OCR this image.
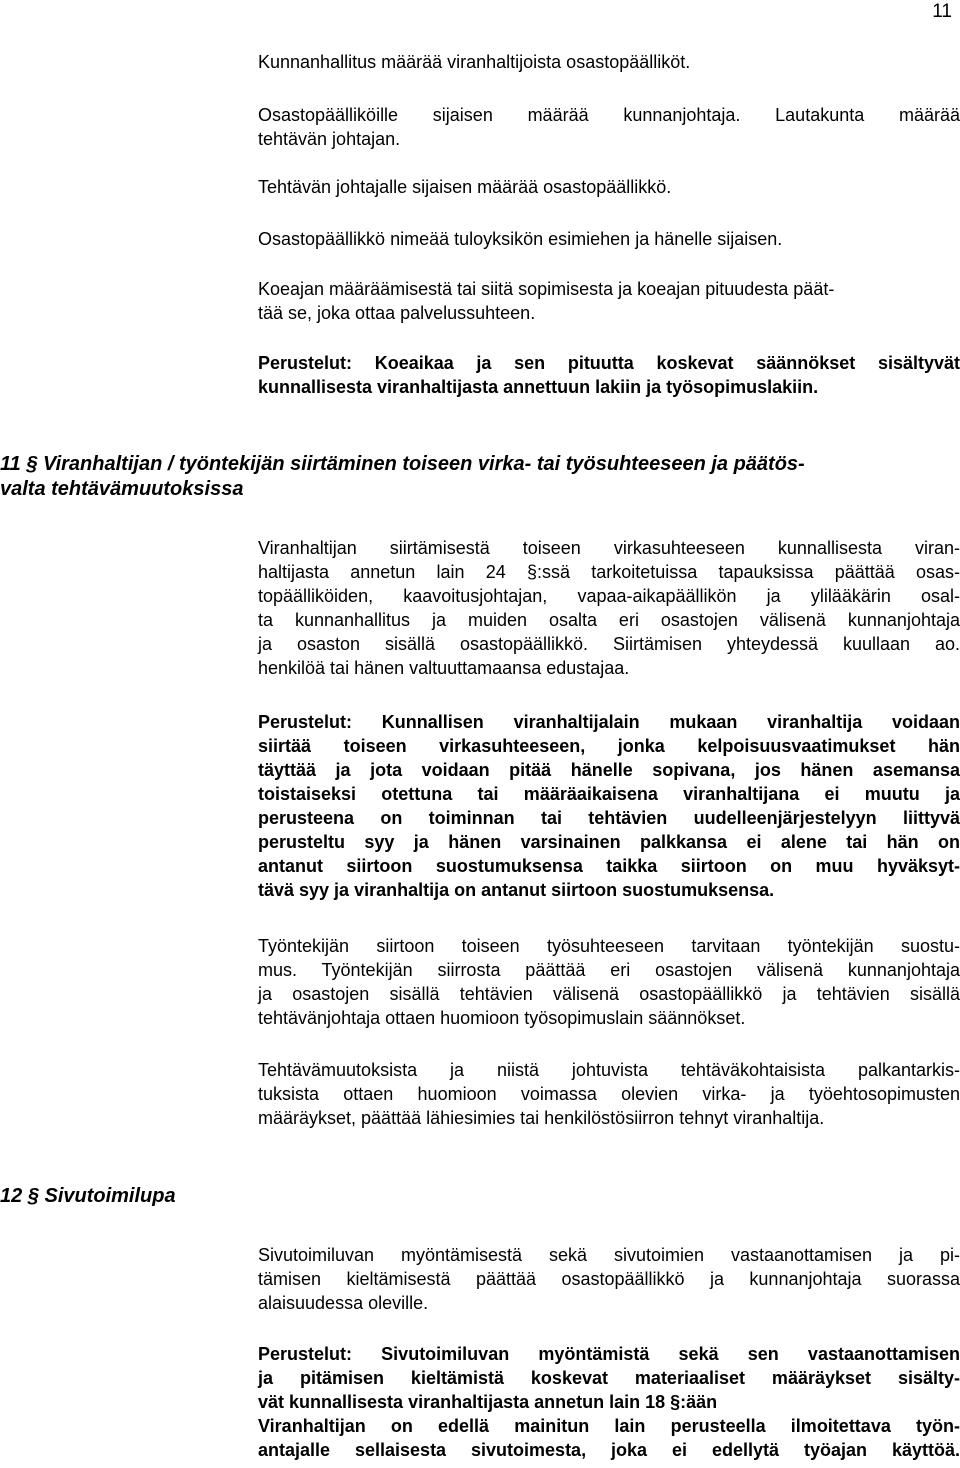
11
Kunnanhallitus määrää viranhaltijoista osastopäälliköt.
Osastopäälliköille sijaisen määrää kunnanjohtaja. Lautakunta määrää
tehtävän johtajan.
Tehtävän johtajalle sijaisen määrää osastopäällikkö.
Osastopäällikkö nimeää tuloyksikön esimiehen ja hänelle sijaisen.
Koeajan määräämisestä tai siitä sopimisesta ja koeajan pituudesta päät-
tää se, joka ottaa palvelussuhteen.
Perustelut: Koeaikaa ja sen pituutta koskevat säännökset sisältyvät
kunnallisesta viranhaltijasta annettuun lakiin ja työsopimuslakiin.
11 § Viranhaltijan / työntekijän siirtäminen toiseen virka- tai työsuhteeseen ja päätös-
valta tehtävämuutoksissa
Viranhaltijan siirtämisestä toiseen virkasuhteeseen kunnallisesta viran-
haltijasta annetun lain 24 §:ssä tarkoitetuissa tapauksissa päättää osas-
topäälliköiden, kaavoitusjohtajan, vapaa-aikapäällikön ja ylilääkärin osal-
ta kunnanhallitus ja muiden osalta eri osastojen välisenä kunnanjohtaja
ja osaston sisällä osastopäällikkö. Siirtämisen yhteydessä kuullaan ao.
henkilöä tai hänen valtuuttamaansa edustajaa.
Perustelut: Kunnallisen viranhaltijalain mukaan viranhaltija voidaan
siirtää toiseen virkasuhteeseen, jonka kelpoisuusvaatimukset hän
täyttää ja jota voidaan pitää hänelle sopivana, jos hänen asemansa
toistaiseksi otettuna tai määräaikaisena viranhaltijana ei muutu ja
perusteena on toiminnan tai tehtävien uudelleenjärjestelyyn liittyvä
perusteltu syy ja hänen varsinainen palkkansa ei alene tai hän on
antanut siirtoon suostumuksensa taikka siirtoon on muu hyväksyt-
tävä syy ja viranhaltija on antanut siirtoon suostumuksensa.
Työntekijän siirtoon toiseen työsuhteeseen tarvitaan työntekijän suostu-
mus. Työntekijän siirrosta päättää eri osastojen välisenä kunnanjohtaja
ja osastojen sisällä tehtävien välisenä osastopäällikkö ja tehtävien sisällä
tehtävänjohtaja ottaen huomioon työsopimuslain säännökset.
Tehtävämuutoksista ja niistä johtuvista tehtäväkohtaisista palkantarkis-
tuksista ottaen huomioon voimassa olevien virka- ja työehtosopimusten
määräykset, päättää lähiesimies tai henkilöstösiirron tehnyt viranhaltija.
12 § Sivutoimilupa
Sivutoimiluvan myöntämisestä sekä sivutoimien vastaanottamisen ja pi-
tämisen kieltämisestä päättää osastopäällikkö ja kunnanjohtaja suorassa
alaisuudessa oleville.
Perustelut: Sivutoimiluvan myöntämistä sekä sen vastaanottamisen
ja pitämisen kieltämistä koskevat materiaaliset määräykset sisälty-
vät kunnallisesta viranhaltijasta annetun lain 18 §:ään
Viranhaltijan on edellä mainitun lain perusteella ilmoitettava työn-
antajalle sellaisesta sivutoimesta, joka ei edellytä työajan käyttöä.
